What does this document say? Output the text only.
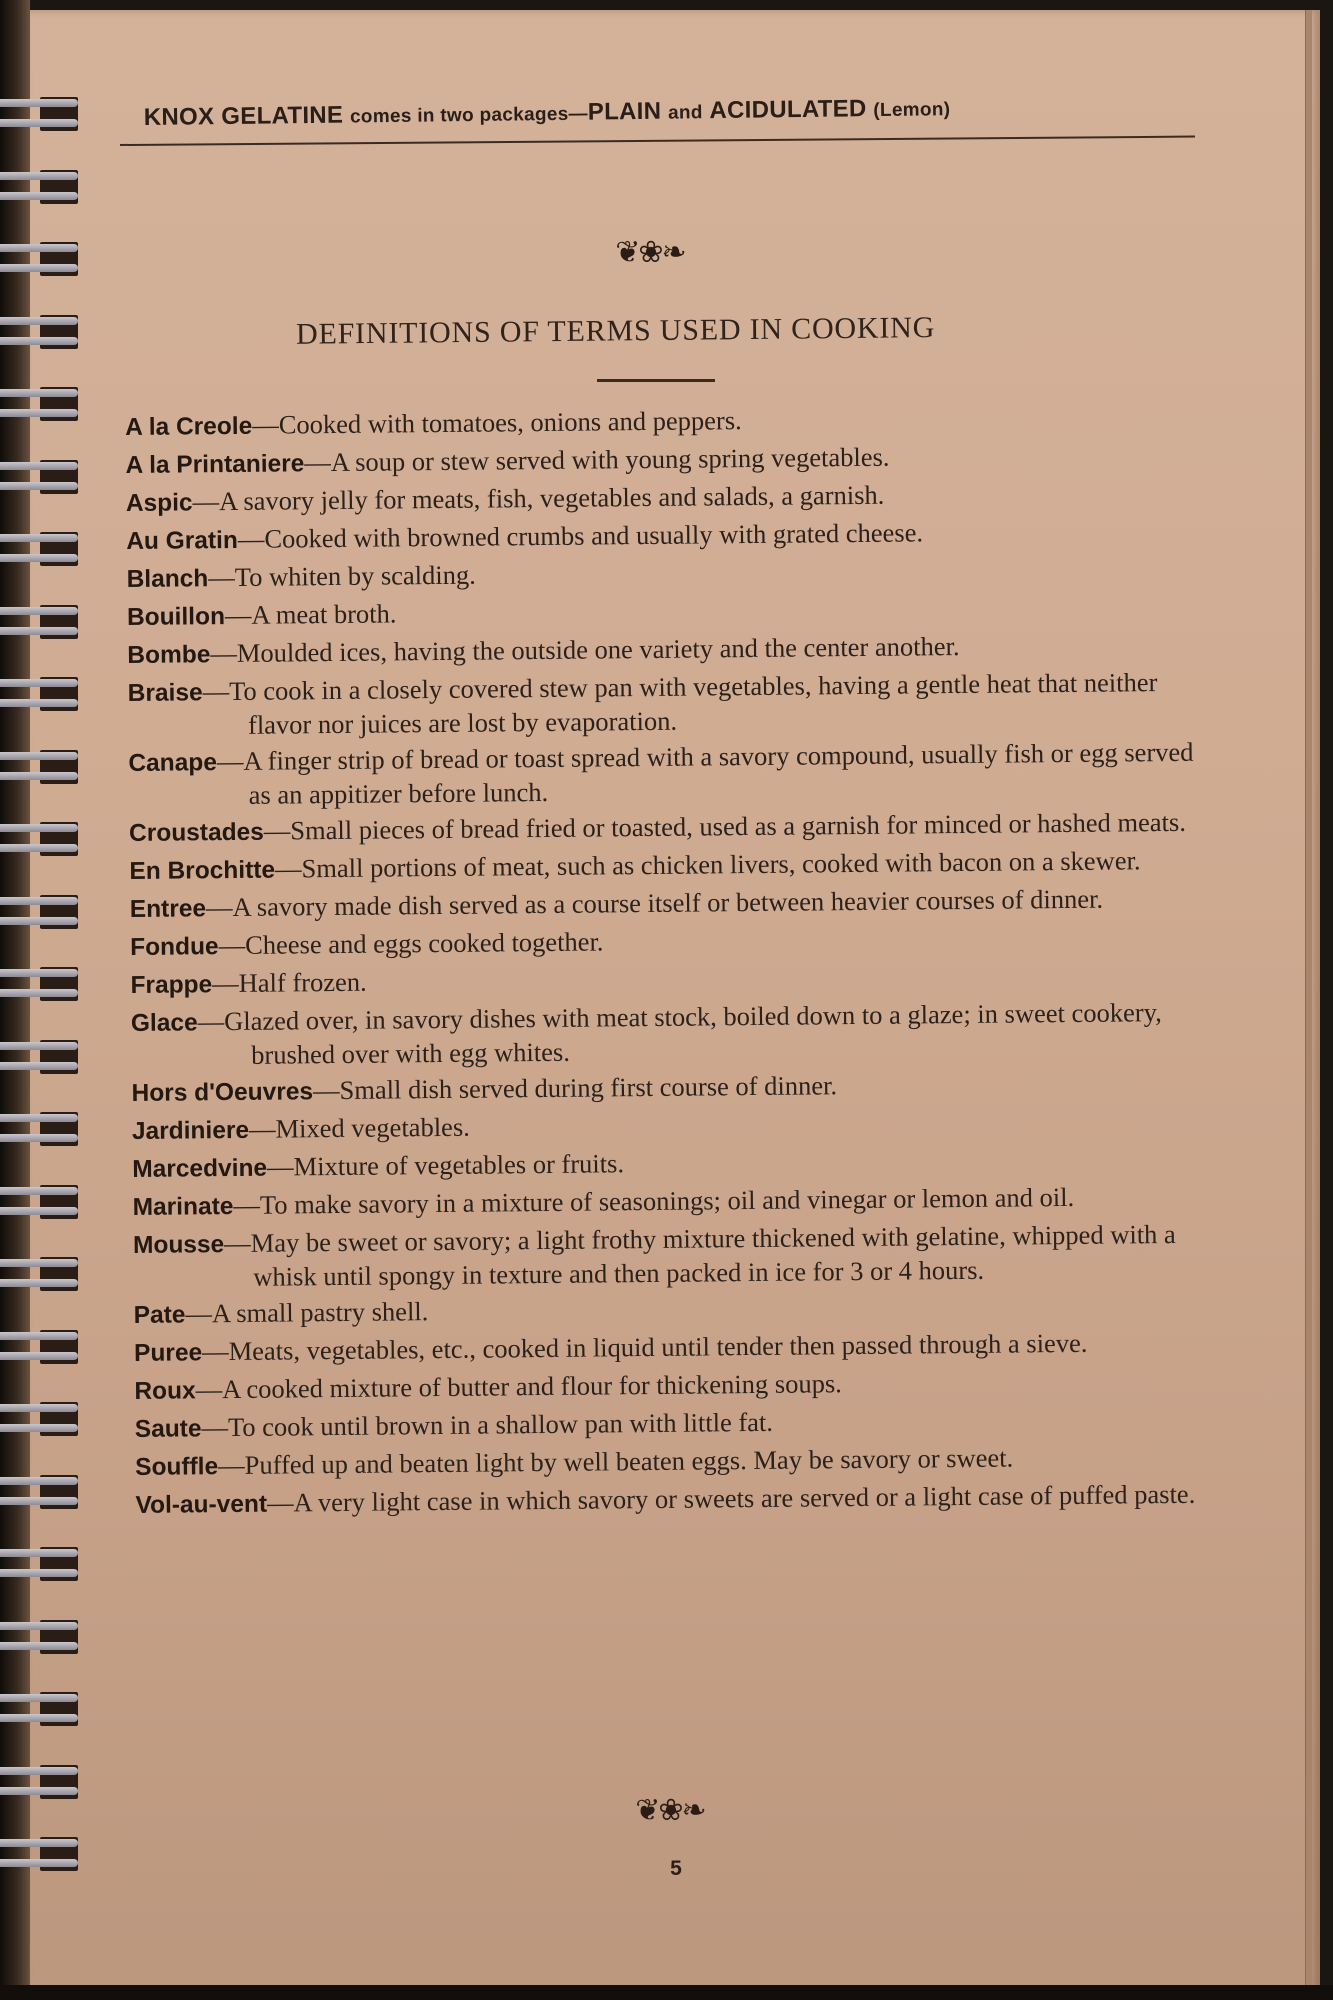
KNOX GELATINE comes in two packages—PLAIN and ACIDULATED (Lemon)
❦❀❧
DEFINITIONS OF TERMS USED IN COOKING
A la Creole—Cooked with tomatoes, onions and peppers.
A la Printaniere—A soup or stew served with young spring vegetables.
Aspic—A savory jelly for meats, fish, vegetables and salads, a garnish.
Au Gratin—Cooked with browned crumbs and usually with grated cheese.
Blanch—To whiten by scalding.
Bouillon—A meat broth.
Bombe—Moulded ices, having the outside one variety and the center another.
Braise—To cook in a closely covered stew pan with vegetables, having a gentle heat that neither flavor nor juices are lost by evaporation.
Canape—A finger strip of bread or toast spread with a savory compound, usually fish or egg served as an appitizer before lunch.
Croustades—Small pieces of bread fried or toasted, used as a garnish for minced or hashed meats.
En Brochitte—Small portions of meat, such as chicken livers, cooked with bacon on a skewer.
Entree—A savory made dish served as a course itself or between heavier courses of dinner.
Fondue—Cheese and eggs cooked together.
Frappe—Half frozen.
Glace—Glazed over, in savory dishes with meat stock, boiled down to a glaze; in sweet cookery, brushed over with egg whites.
Hors d'Oeuvres—Small dish served during first course of dinner.
Jardiniere—Mixed vegetables.
Marcedvine—Mixture of vegetables or fruits.
Marinate—To make savory in a mixture of seasonings; oil and vinegar or lemon and oil.
Mousse—May be sweet or savory; a light frothy mixture thickened with gelatine, whipped with a whisk until spongy in texture and then packed in ice for 3 or 4 hours.
Pate—A small pastry shell.
Puree—Meats, vegetables, etc., cooked in liquid until tender then passed through a sieve.
Roux—A cooked mixture of butter and flour for thickening soups.
Saute—To cook until brown in a shallow pan with little fat.
Souffle—Puffed up and beaten light by well beaten eggs. May be savory or sweet.
Vol-au-vent—A very light case in which savory or sweets are served or a light case of puffed paste.
❦❀❧
5
